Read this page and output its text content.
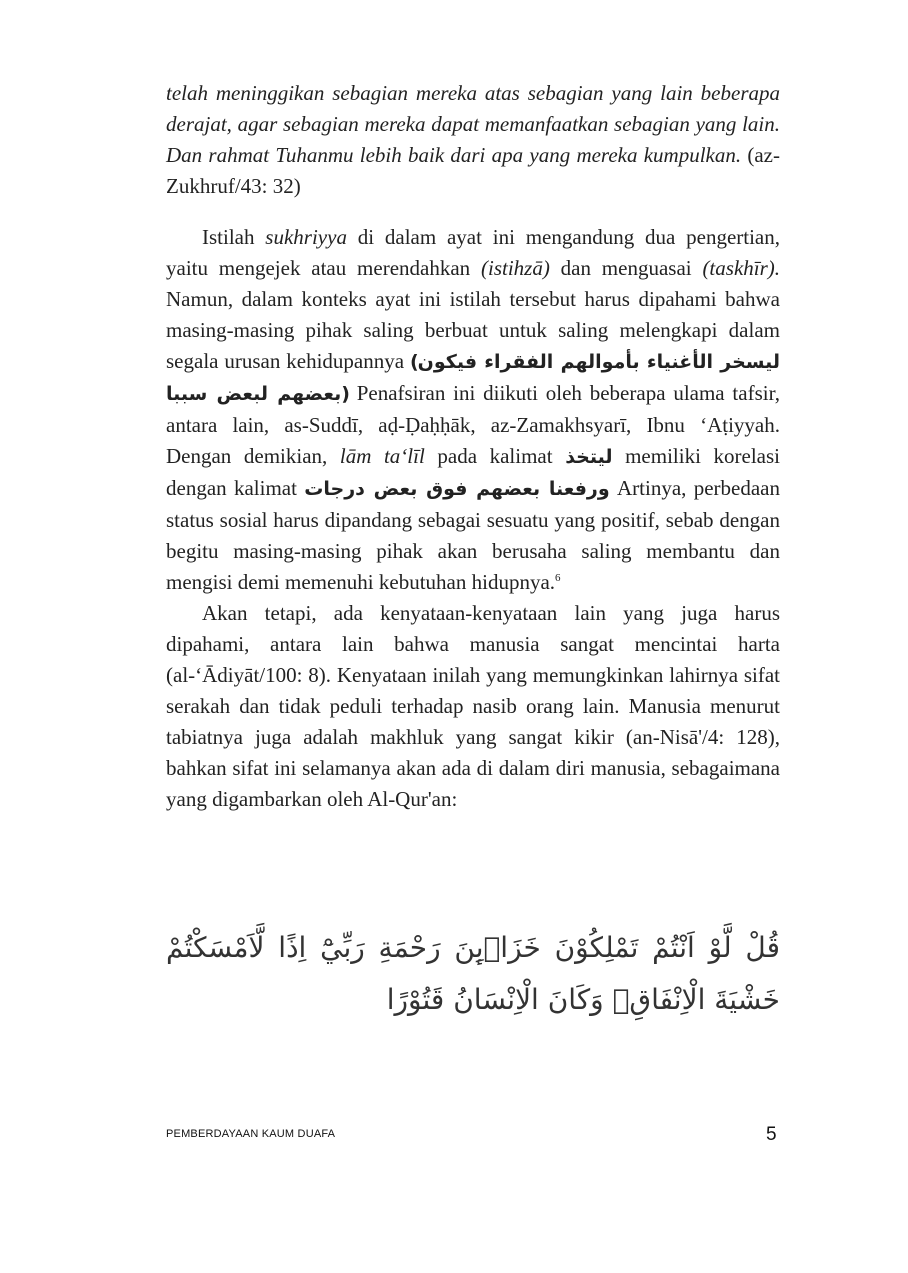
telah meninggikan sebagian mereka atas sebagian yang lain beberapa derajat, agar sebagian mereka dapat memanfaatkan sebagian yang lain. Dan rahmat Tuhanmu lebih baik dari apa yang mereka kumpulkan. (az-Zukhruf/43: 32)

Istilah sukhriyya di dalam ayat ini mengandung dua pengertian, yaitu mengejek atau merendahkan (istihzā) dan menguasai (taskhīr). Namun, dalam konteks ayat ini istilah tersebut harus dipahami bahwa masing-masing pihak saling berbuat untuk saling melengkapi dalam segala urusan kehidupannya (ليسخر الأغنياء بأموالهم الفقراء فيكون بعضهم لبعض سببا) Penafsiran ini diikuti oleh beberapa ulama tafsir, antara lain, as-Suddī, aḍ-Ḍaḥḥāk, az-Zamakhsyarī, Ibnu ‘Aṭiyyah. Dengan demikian, lām ta‘līl pada kalimat ليتخذ memiliki korelasi dengan kalimat ورفعنا بعضهم فوق بعض درجات Artinya, perbedaan status sosial harus dipandang sebagai sesuatu yang positif, sebab dengan begitu masing-masing pihak akan berusaha saling membantu dan mengisi demi memenuhi kebutuhan hidupnya.$^6$

Akan tetapi, ada kenyataan-kenyataan lain yang juga harus dipahami, antara lain bahwa manusia sangat mencintai harta (al-‘Ādiyāt/100: 8). Kenyataan inilah yang memungkinkan lahirnya sifat serakah dan tidak peduli terhadap nasib orang lain. Manusia menurut tabiatnya juga adalah makhluk yang sangat kikir (an-Nisā'/4: 128), bahkan sifat ini selamanya akan ada di dalam diri manusia, sebagaimana yang digambarkan oleh Al-Qur'an:

قُلْ لَّوْ اَنْتُمْ تَمْلِكُوْنَ خَزَاۤىِٕنَ رَحْمَةِ رَبِّيْٓ اِذًا لَّاَمْسَكْتُمْ خَشْيَةَ الْاِنْفَاقِۗ وَكَانَ الْاِنْسَانُ قَتُوْرًا
PEMBERDAYAAN KAUM DUAFA	5
